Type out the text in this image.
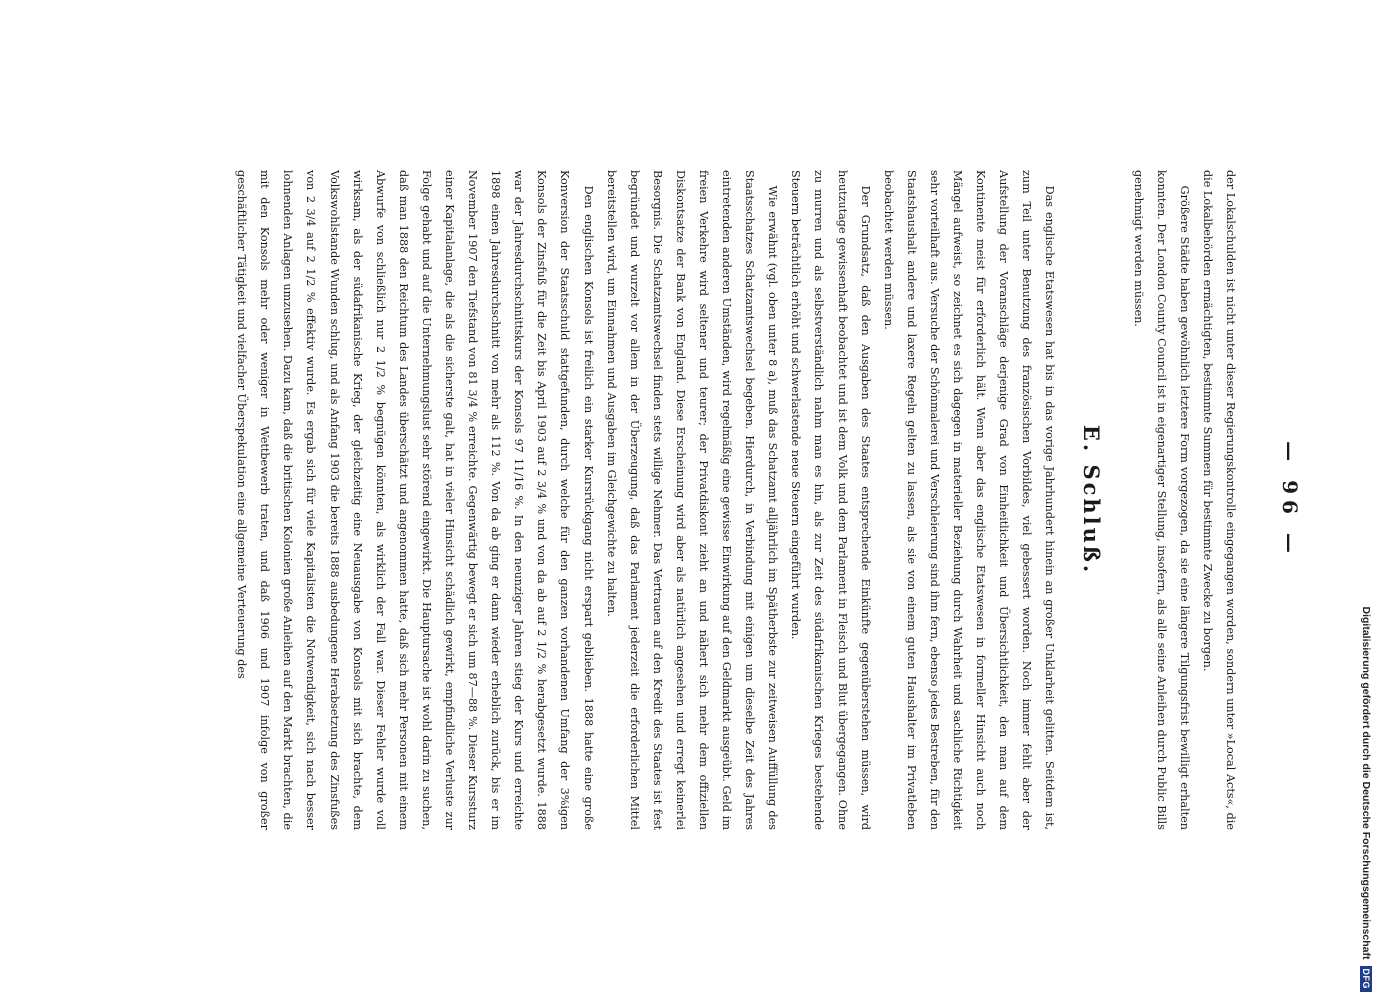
— 96 —

der Lokalschulden ist nicht unter dieser Regierungskontrolle eingegangen worden, sondern unter »Local Acts«, die die Lokalbehörden ermächtigten, bestimmte Summen für bestimmte Zwecke zu borgen.

Größere Städte haben gewöhnlich letztere Form vorgezogen, da sie eine längere Tilgungsfrist bewilligt erhalten konnten. Der London County Council ist in eigenartiger Stellung, insofern, als alle seine Anleihen durch Public Bills genehmigt werden müssen.

E. Schluß.

Das englische Etatswesen hat bis in das vorige Jahrhundert hinein an großer Unklarheit gelitten. Seitdem ist, zum Teil unter Benutzung des französischen Vorbildes, viel gebessert worden. Noch immer fehlt aber der Aufstellung der Voranschläge derjenige Grad von Einheitlichkeit und Übersichtlichkeit, den man auf dem Kontinente meist für erforderlich hält. Wenn aber das englische Etatswesen in formeller Hinsicht auch noch Mängel aufweist, so zeichnet es sich dagegen in materieller Beziehung durch Wahrheit und sachliche Richtigkeit sehr vorteilhaft aus. Versuche der Schönmalerei und Verschleierung sind ihm fern, ebenso jedes Bestreben, für den Staatshaushalt andere und laxere Regeln gelten zu lassen, als sie von einem guten Haushalter im Privatleben beobachtet werden müssen.

Der Grundsatz, daß den Ausgaben des Staates entsprechende Einkünfte gegenüberstehen müssen, wird heutzutage gewissenhaft beobachtet und ist dem Volk und dem Parlament in Fleisch und Blut übergegangen. Ohne zu murren und als selbstverständlich nahm man es hin, als zur Zeit des südafrikanischen Krieges bestehende Steuern beträchtlich erhöht und schwerlastende neue Steuern eingeführt wurden.

Wie erwähnt (vgl. oben unter 8 a), muß das Schatzamt alljährlich im Spätherbste zur zeitweisen Auffüllung des Staatsschatzes Schatzamtswechsel begeben. Hierdurch, in Verbindung mit einigen um dieselbe Zeit des Jahres eintretenden anderen Umständen, wird regelmäßig eine gewisse Einwirkung auf den Geldmarkt ausgeübt. Geld im freien Verkehre wird seltener und teurer; der Privatdiskont zieht an und nähert sich mehr dem offiziellen Diskontsatze der Bank von England. Diese Erscheinung wird aber als natürlich angesehen und erregt keinerlei Besorgnis. Die Schatzamtswechsel finden stets willige Nehmer. Das Vertrauen auf den Kredit des Staates ist fest begründet und wurzelt vor allem in der Überzeugung, daß das Parlament jederzeit die erforderlichen Mittel bereitstellen wird, um Einnahmen und Ausgaben im Gleichgewichte zu halten.

Den englischen Konsols ist freilich ein starker Kursrückgang nicht erspart geblieben. 1888 hatte eine große Konversion der Staatsschuld stattgefunden, durch welche für den ganzen vorhandenen Umfang der 3%igen Konsols der Zinsfuß für die Zeit bis April 1903 auf 2 3/4 % und von da ab auf 2 1/2 % herabgesetzt wurde. 1888 war der Jahresdurchschnittskurs der Konsols 97 11/16 %. In den neunziger Jahren stieg der Kurs und erreichte 1898 einen Jahresdurchschnitt von mehr als 112 %. Von da ab ging er dann wieder erheblich zurück, bis er im November 1907 den Tiefstand von 81 3/4 % erreichte. Gegenwärtig bewegt er sich um 87—88 %. Dieser Kurssturz einer Kapitalanlage, die als die sicherste galt, hat in vieler Hinsicht schädlich gewirkt, empfindliche Verluste zur Folge gehabt und auf die Unternehmungslust sehr störend eingewirkt. Die Hauptursache ist wohl darin zu suchen, daß man 1888 den Reichtum des Landes überschätzt und angenommen hatte, daß sich mehr Personen mit einem Abwurfe von schließlich nur 2 1/2 % begnügen könnten, als wirklich der Fall war. Dieser Fehler wurde voll wirksam, als der südafrikanische Krieg, der gleichzeitig eine Neuausgabe von Konsols mit sich brachte, dem Volkswohlstande Wunden schlug, und als Anfang 1903 die bereits 1888 ausbedungene Herabsetzung des Zinsfußes von 2 3/4 auf 2 1/2 % effektiv wurde. Es ergab sich für viele Kapitalisten die Notwendigkeit, sich nach besser lohnenden Anlagen umzusehen. Dazu kam, daß die britischen Kolonien große Anleihen auf den Markt brachten, die mit den Konsols mehr oder weniger in Wettbewerb traten, und daß 1906 und 1907 infolge von großer geschäftlicher Tätigkeit und vielfacher Überspekulation eine allgemeine Verteuerung des

Digitalisierung gefördert durch die Deutsche Forschungsgemeinschaft
DFG
